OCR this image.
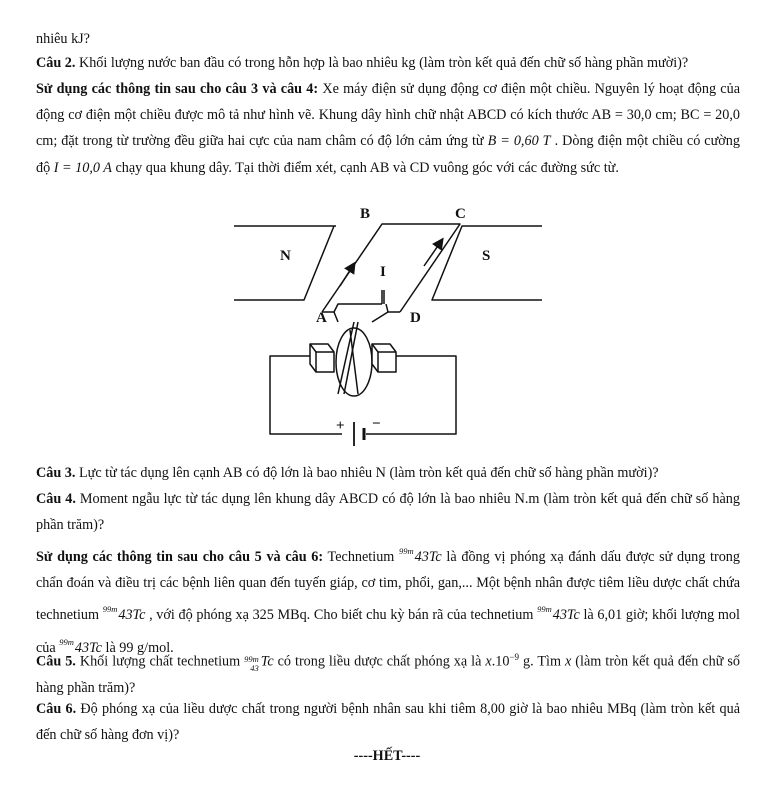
nhiêu kJ?

Câu 2. Khối lượng nước ban đầu có trong hỗn hợp là bao nhiêu kg (làm tròn kết quả đến chữ số hàng phần mười)?

Sử dụng các thông tin sau cho câu 3 và câu 4: Xe máy điện sử dụng động cơ điện một chiều. Nguyên lý hoạt động của động cơ điện một chiều được mô tả như hình vẽ. Khung dây hình chữ nhật ABCD có kích thước AB = 30,0 cm; BC = 20,0 cm; đặt trong từ trường đều giữa hai cực của nam châm có độ lớn cảm ứng từ B = 0,60 T . Dòng điện một chiều có cường độ I = 10,0 A chạy qua khung dây. Tại thời điểm xét, cạnh AB và CD vuông góc với các đường sức từ.

B	C
N	S
I
A	D
+ −

Câu 3. Lực từ tác dụng lên cạnh AB có độ lớn là bao nhiêu N (làm tròn kết quả đến chữ số hàng phần mười)?

Câu 4. Moment ngẫu lực từ tác dụng lên khung dây ABCD có độ lớn là bao nhiêu N.m (làm tròn kết quả đến chữ số hàng phần trăm)?

Sử dụng các thông tin sau cho câu 5 và câu 6: Technetium $^{99m}$43Tc là đồng vị phóng xạ đánh dấu được sử dụng trong chẩn đoán và điều trị các bệnh liên quan đến tuyến giáp, cơ tim, phổi, gan,... Một bệnh nhân được tiêm liều dược chất chứa technetium $^{99m}$43Tc , với độ phóng xạ 325 MBq. Cho biết chu kỳ bán rã của technetium $^{99m}$43Tc là 6,01 giờ; khối lượng mol của $^{99m}$43Tc là 99 g/mol.

Câu 5. Khối lượng chất technetium 99m
43 Tc có trong liều dược chất phóng xạ là $x.10^{-9}$ g. Tìm x (làm tròn kết quả đến chữ số hàng phần trăm)?

Câu 6. Độ phóng xạ của liều dược chất trong người bệnh nhân sau khi tiêm 8,00 giờ là bao nhiêu MBq (làm tròn kết quả đến chữ số hàng đơn vị)?

----HẾT----
